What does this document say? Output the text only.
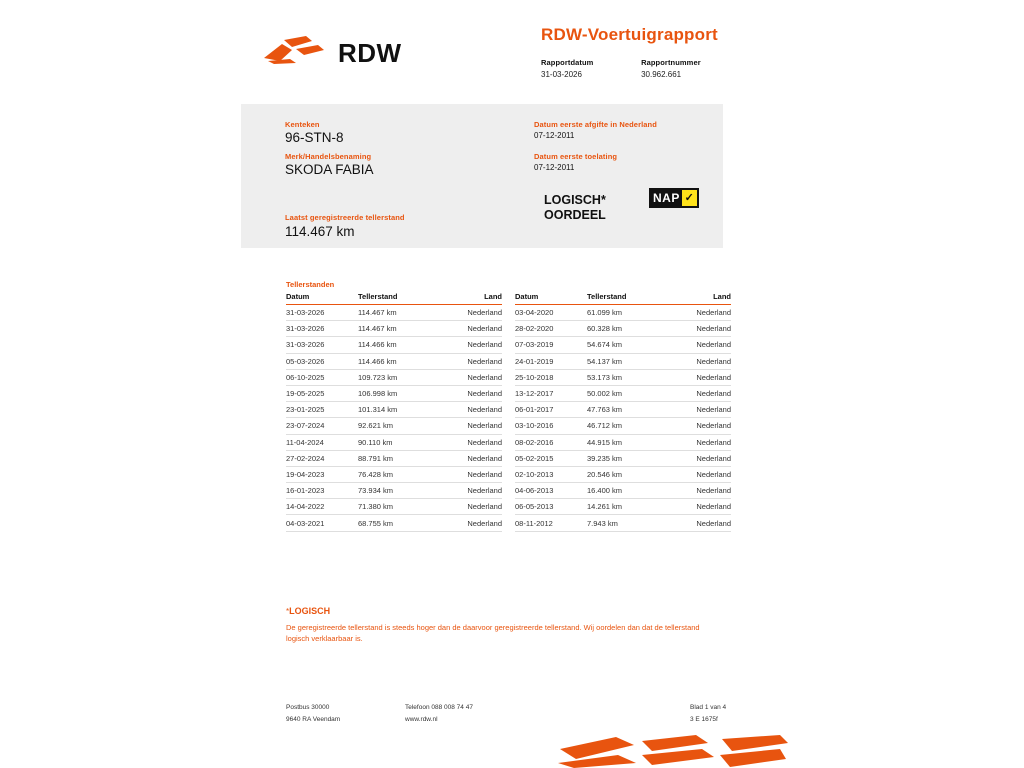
RDW
RDW-Voertuigrapport
Rapportdatum
31-03-2026

Rapportnummer
30.962.661
Kenteken
96-STN-8
Merk/Handelsbenaming
SKODA FABIA
Laatst geregistreerde tellerstand
114.467 km
Datum eerste afgifte in Nederland
07-12-2011
Datum eerste toelating
07-12-2011
LOGISCH*
OORDEEL
NAP ✓
Tellerstanden
Datum	Tellerstand	Land
31-03-2026	114.467 km	Nederland
31-03-2026	114.467 km	Nederland
31-03-2026	114.466 km	Nederland
05-03-2026	114.466 km	Nederland
06-10-2025	109.723 km	Nederland
19-05-2025	106.998 km	Nederland
23-01-2025	101.314 km	Nederland
23-07-2024	92.621 km	Nederland
11-04-2024	90.110 km	Nederland
27-02-2024	88.791 km	Nederland
19-04-2023	76.428 km	Nederland
16-01-2023	73.934 km	Nederland
14-04-2022	71.380 km	Nederland
04-03-2021	68.755 km	Nederland
Datum	Tellerstand	Land
03-04-2020	61.099 km	Nederland
28-02-2020	60.328 km	Nederland
07-03-2019	54.674 km	Nederland
24-01-2019	54.137 km	Nederland
25-10-2018	53.173 km	Nederland
13-12-2017	50.002 km	Nederland
06-01-2017	47.763 km	Nederland
03-10-2016	46.712 km	Nederland
08-02-2016	44.915 km	Nederland
05-02-2015	39.235 km	Nederland
02-10-2013	20.546 km	Nederland
04-06-2013	16.400 km	Nederland
06-05-2013	14.261 km	Nederland
08-11-2012	7.943 km	Nederland
*LOGISCH
De geregistreerde tellerstand is steeds hoger dan de daarvoor geregistreerde tellerstand. Wij oordelen dan dat de tellerstand logisch verklaarbaar is.
Postbus 30000
9640 RA Veendam
Telefoon 088 008 74 47
www.rdw.nl
Blad 1 van 4
3 E 1675f
